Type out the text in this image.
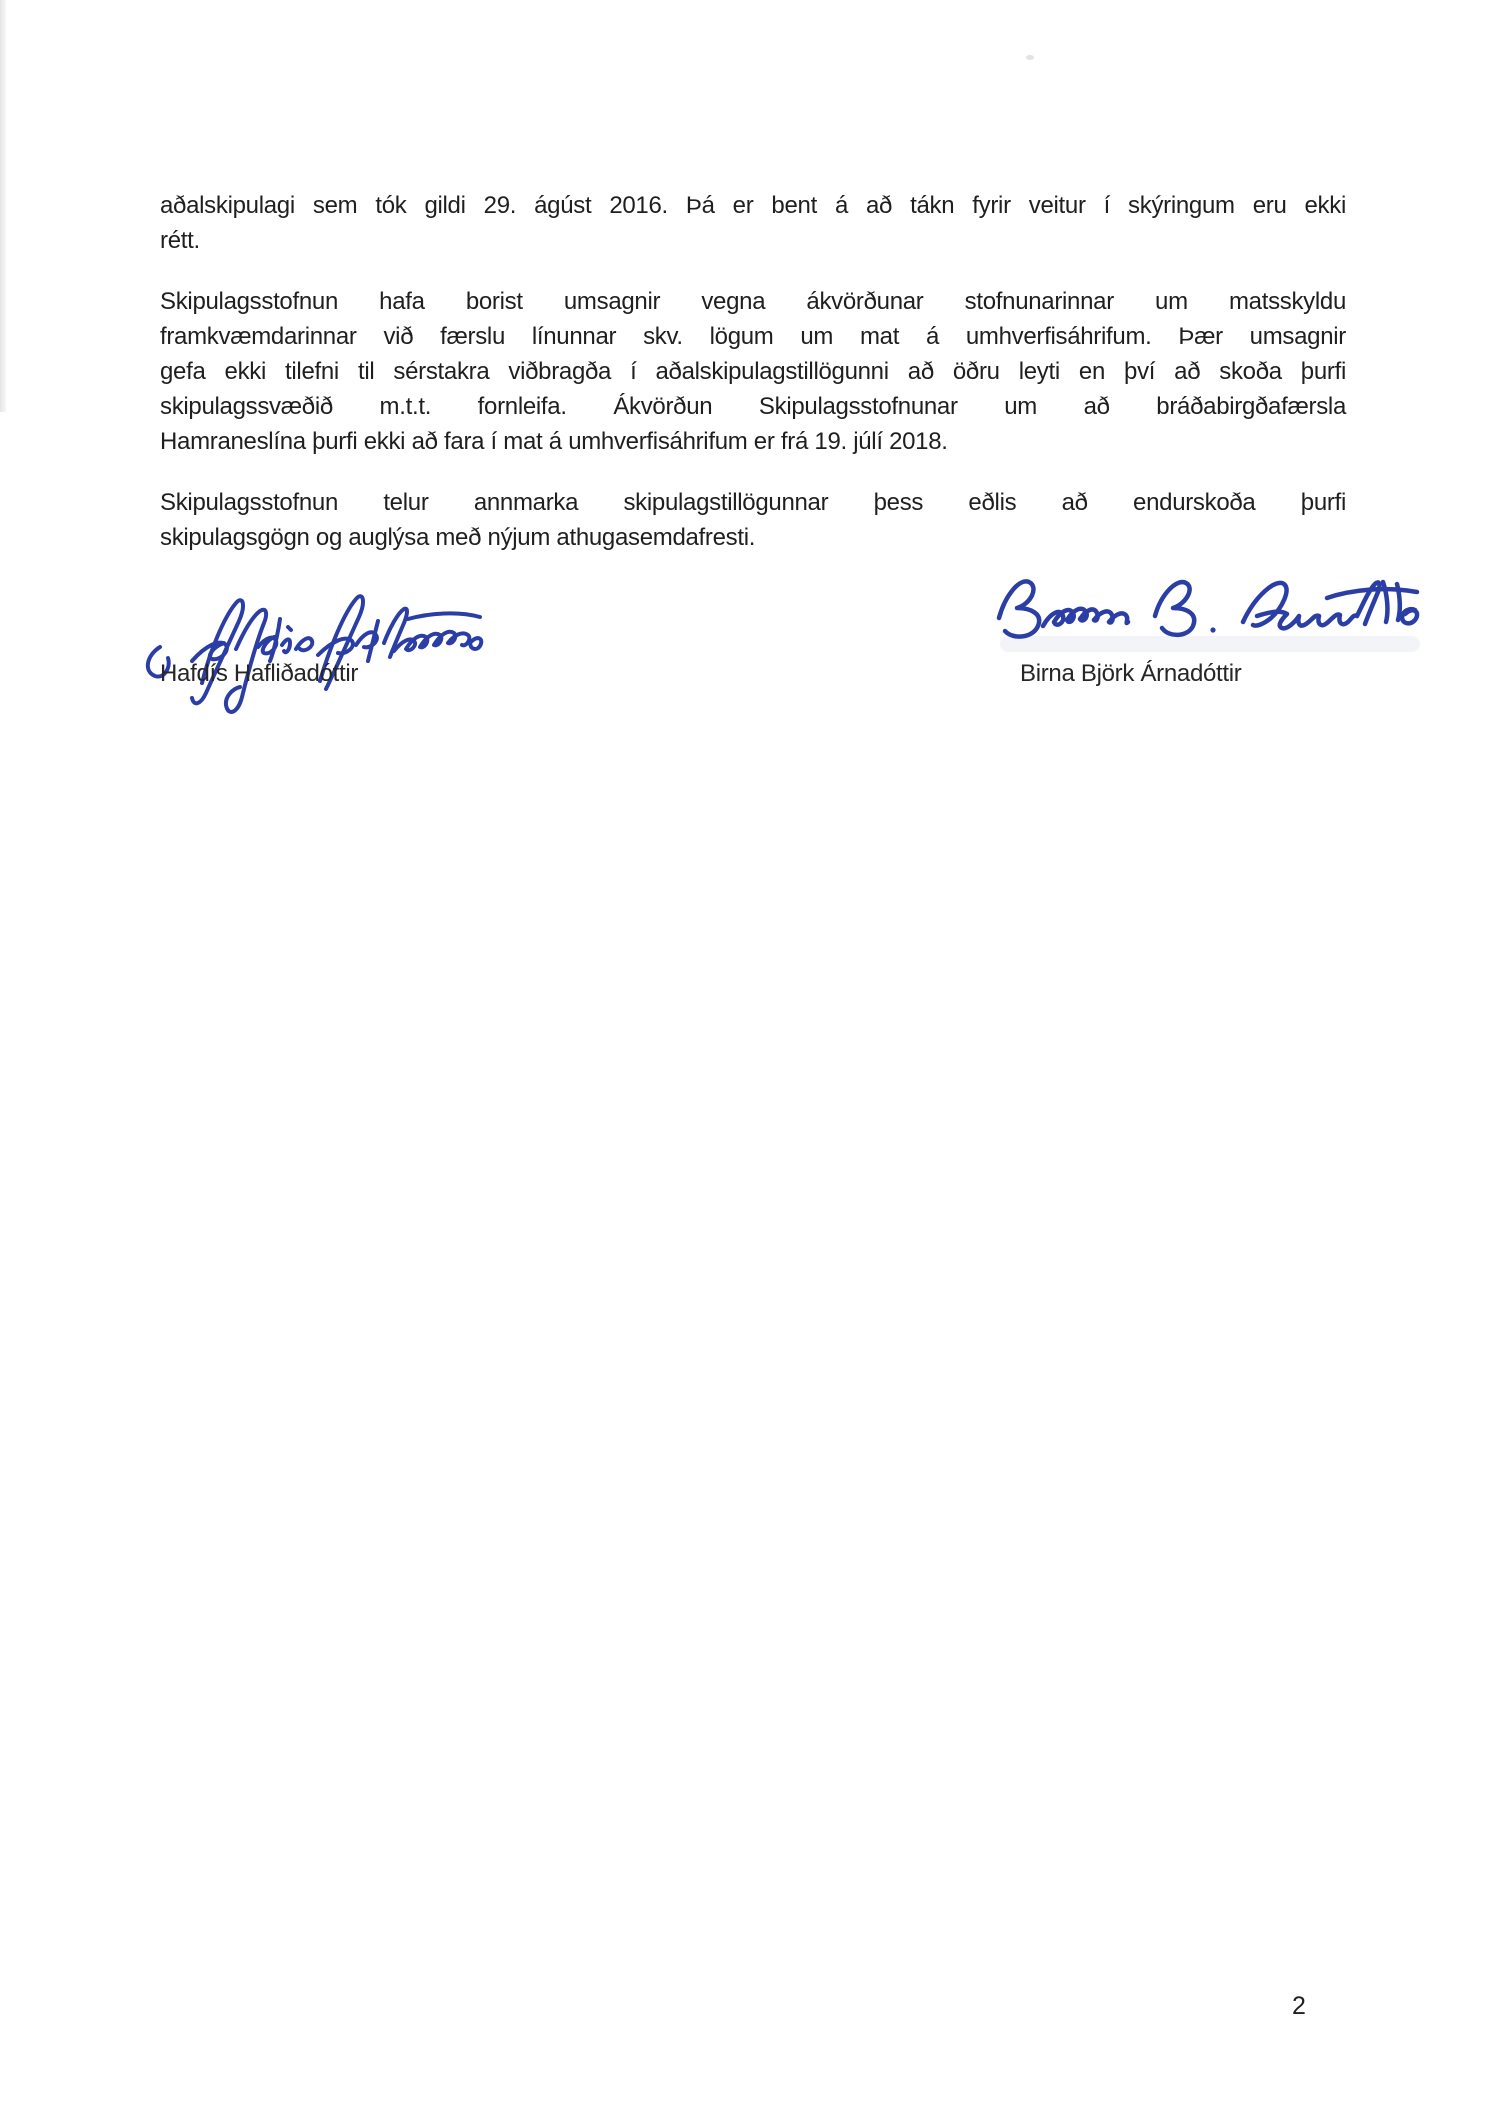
aðalskipulagi sem tók gildi 29. ágúst 2016. Þá er bent á að tákn fyrir veitur í skýringum eru ekki
rétt.

Skipulagsstofnun hafa borist umsagnir vegna ákvörðunar stofnunarinnar um matsskyldu
framkvæmdarinnar við færslu línunnar skv. lögum um mat á umhverfisáhrifum. Þær umsagnir
gefa ekki tilefni til sérstakra viðbragða í aðalskipulagstillögunni að öðru leyti en því að skoða þurfi
skipulagssvæðið m.t.t. fornleifa. Ákvörðun Skipulagsstofnunar um að bráðabirgðafærsla
Hamraneslína þurfi ekki að fara í mat á umhverfisáhrifum er frá 19. júlí 2018.

Skipulagsstofnun telur annmarka skipulagstillögunnar þess eðlis að endurskoða þurfi
skipulagsgögn og auglýsa með nýjum athugasemdafresti.

Hafdís Hafliðadóttir	Birna Björk Árnadóttir
2
